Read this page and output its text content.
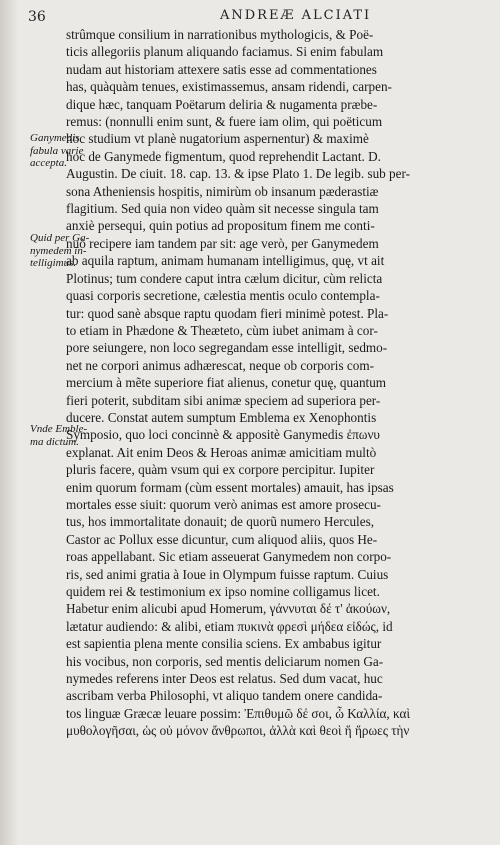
36	ANDREÆ ALCIATI
strûmque consilium in narrationibus mythologicis, & Poë-
ticis allegoriis planum aliquando faciamus. Si enim fabulam
nudam aut historiam attexere satis esse ad commentationes
has, quàquàm tenues, existimassemus, ansam ridendi, carpen-
dique hæc, tanquam Poëtarum deliria & nugamenta præbe-
remus: (nonnulli enim sunt, & fuere iam olim, qui poëticum
hoc studium vt planè nugatorium aspernentur) & maximè
hoc de Ganymede figmentum, quod reprehendit Lactant. D.
Augustin. De ciuit. 18. cap. 13. & ipse Plato 1. De legib. sub per-
sona Atheniensis hospitis, nimirùm ob insanum pæderastiæ
flagitium. Sed quia non video quàm sit necesse singula tam
anxiè persequi, quin potius ad propositum finem me conti-
nuò recipere iam tandem par sit: age verò, per Ganymedem
ab aquila raptum, animam humanam intelligimus, quę, vt ait
Plotinus; tum condere caput intra cælum dicitur, cùm relicta
quasi corporis secretione, cælestia mentis oculo contempla-
tur: quod sanè absque raptu quodam fieri minimè potest. Pla-
to etiam in Phædone & Theæteto, cùm iubet animam à cor-
pore seiungere, non loco segregandam esse intelligit, sedmo-
net ne corpori animus adhærescat, neque ob corporis com-
mercium à mẽte superiore fiat alienus, conetur quę, quantum
fieri poterit, subditam sibi animæ speciem ad superiora per-
ducere. Constat autem sumptum Emblema ex Xenophontis
Symposio, quo loci concinnè & appositè Ganymedis ἐπωνυ
explanat. Ait enim Deos & Heroas animæ amicitiam multò
pluris facere, quàm vsum qui ex corpore percipitur. Iupiter
enim quorum formam (cùm essent mortales) amauit, has ipsas
mortales esse siuit: quorum verò animas est amore prosecu-
tus, hos immortalitate donauit; de quorũ numero Hercules,
Castor ac Pollux esse dicuntur, cum aliquod aliis, quos He-
roas appellabant. Sic etiam asseuerat Ganymedem non corpo-
ris, sed animi gratia à Ioue in Olympum fuisse raptum. Cuius
quidem rei & testimonium ex ipso nomine colligamus licet.
Habetur enim alicubi apud Homerum, γάννυται δέ τ' ἀκούων,
lætatur audiendo: & alibi, etiam πυκινὰ φρεσὶ μήδεα εἰδώς, id
est sapientia plena mente consilia sciens. Ex ambabus igitur
his vocibus, non corporis, sed mentis deliciarum nomen Ga-
nymedes referens inter Deos est relatus. Sed dum vacat, huc
ascribam verba Philosophi, vt aliquo tandem onere candida-
tos linguæ Græcæ leuare possim: Ἐπιθυμῶ δέ σοι, ὦ Καλλία, καὶ
μυθολογῆσαι, ὡς οὐ μόνον ἄνθρωποι, ἀλλὰ καὶ θεοὶ ἥ ἥρωες τὴν

Ganymedis
fabula varie
accepta.

Quid per Ga-
nymedem in-
telligimus.

Vnde Emble-
ma dictum.
